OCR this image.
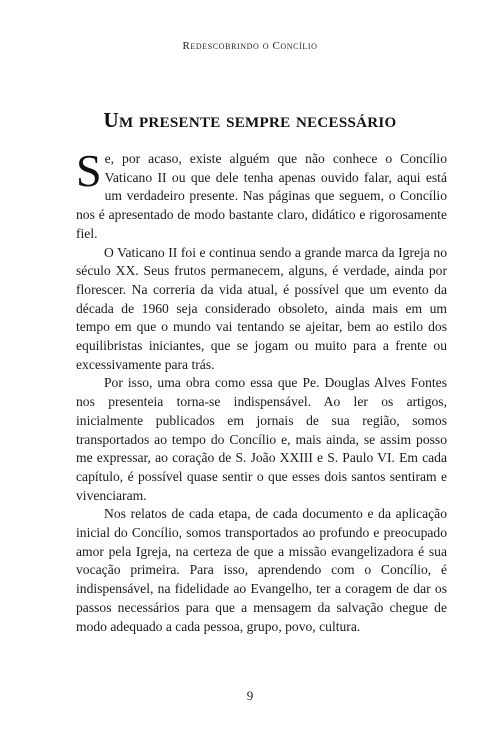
Redescobrindo o Concílio
Um presente sempre necessário

Se, por acaso, existe alguém que não conhece o Concílio Vaticano II ou que dele tenha apenas ouvido falar, aqui está um verdadeiro presente. Nas páginas que seguem, o Concílio nos é apresentado de modo bastante claro, didático e rigorosamente fiel.

O Vaticano II foi e continua sendo a grande marca da Igreja no século XX. Seus frutos permanecem, alguns, é verdade, ainda por florescer. Na correria da vida atual, é possível que um evento da década de 1960 seja considerado obsoleto, ainda mais em um tempo em que o mundo vai tentando se ajeitar, bem ao estilo dos equilibristas iniciantes, que se jogam ou muito para a frente ou excessivamente para trás.

Por isso, uma obra como essa que Pe. Douglas Alves Fontes nos presenteia torna-se indispensável. Ao ler os artigos, inicialmente publicados em jornais de sua região, somos transportados ao tempo do Concílio e, mais ainda, se assim posso me expressar, ao coração de S. João XXIII e S. Paulo VI. Em cada capítulo, é possível quase sentir o que esses dois santos sentiram e vivenciaram.

Nos relatos de cada etapa, de cada documento e da aplicação inicial do Concílio, somos transportados ao profundo e preocupado amor pela Igreja, na certeza de que a missão evangelizadora é sua vocação primeira. Para isso, aprendendo com o Concílio, é indispensável, na fidelidade ao Evangelho, ter a coragem de dar os passos necessários para que a mensagem da salvação chegue de modo adequado a cada pessoa, grupo, povo, cultura.

9
